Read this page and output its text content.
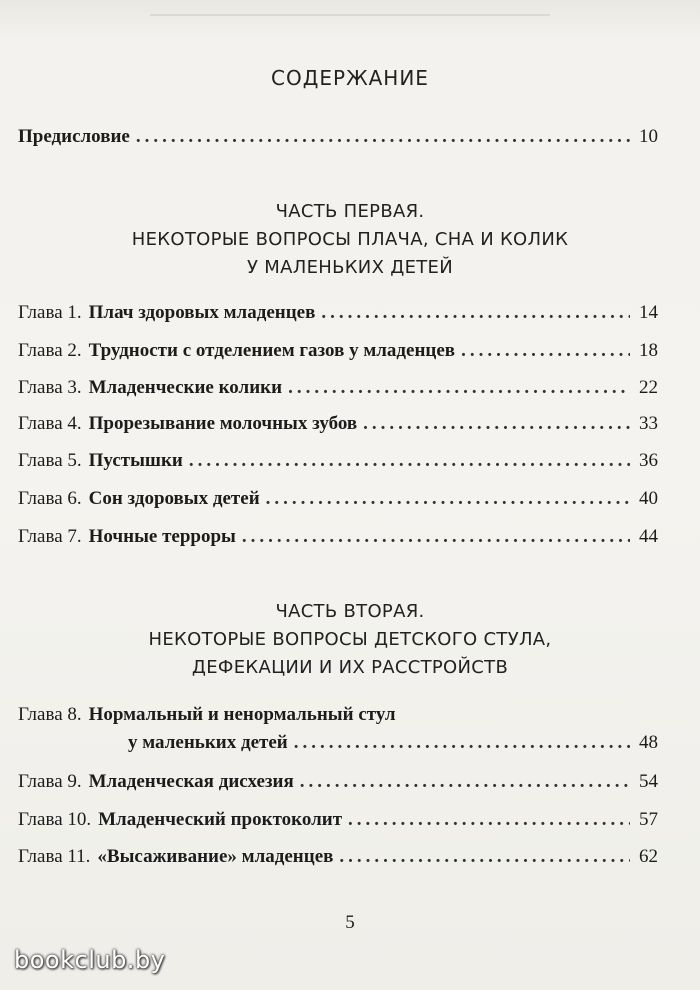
СОДЕРЖАНИЕ
Предисловие .....	10
ЧАСТЬ ПЕРВАЯ.
НЕКОТОРЫЕ ВОПРОСЫ ПЛАЧА, СНА И КОЛИК
У МАЛЕНЬКИХ ДЕТЕЙ
Глава 1. Плач здоровых младенцев .....	14
Глава 2. Трудности с отделением газов у младенцев .....	18
Глава 3. Младенческие колики .....	22
Глава 4. Прорезывание молочных зубов .....	33
Глава 5. Пустышки .....	36
Глава 6. Сон здоровых детей .....	40
Глава 7. Ночные терроры .....	44
ЧАСТЬ ВТОРАЯ.
НЕКОТОРЫЕ ВОПРОСЫ ДЕТСКОГО СТУЛА,
ДЕФЕКАЦИИ И ИХ РАССТРОЙСТВ
Глава 8. Нормальный и ненормальный стул
у маленьких детей .....	48
Глава 9. Младенческая дисхезия .....	54
Глава 10. Младенческий проктоколит .....	57
Глава 11. «Высаживание» младенцев .....	62
5
bookclub.by
